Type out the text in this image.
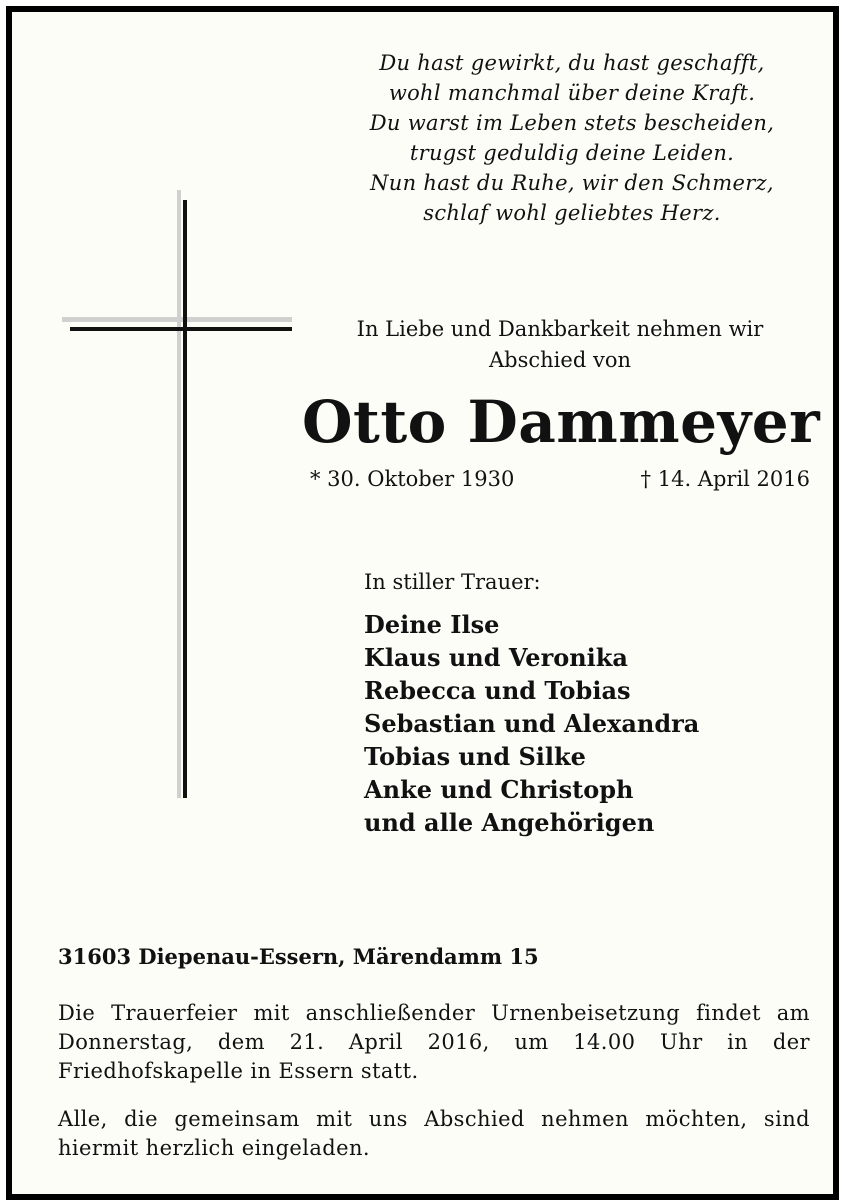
Du hast gewirkt, du hast geschafft,
wohl manchmal über deine Kraft.
Du warst im Leben stets bescheiden,
trugst geduldig deine Leiden.
Nun hast du Ruhe, wir den Schmerz,
schlaf wohl geliebtes Herz.
In Liebe und Dankbarkeit nehmen wir
Abschied von
Otto Dammeyer
* 30. Oktober 1930	† 14. April 2016
In stiller Trauer:
Deine Ilse
Klaus und Veronika
Rebecca und Tobias
Sebastian und Alexandra
Tobias und Silke
Anke und Christoph
und alle Angehörigen
31603 Diepenau-Essern, Märendamm 15
Die Trauerfeier mit anschließender Urnenbeisetzung findet am Donnerstag, dem 21. April 2016, um 14.00 Uhr in der Friedhofskapelle in Essern statt.
Alle, die gemeinsam mit uns Abschied nehmen möchten, sind hiermit herzlich eingeladen.
